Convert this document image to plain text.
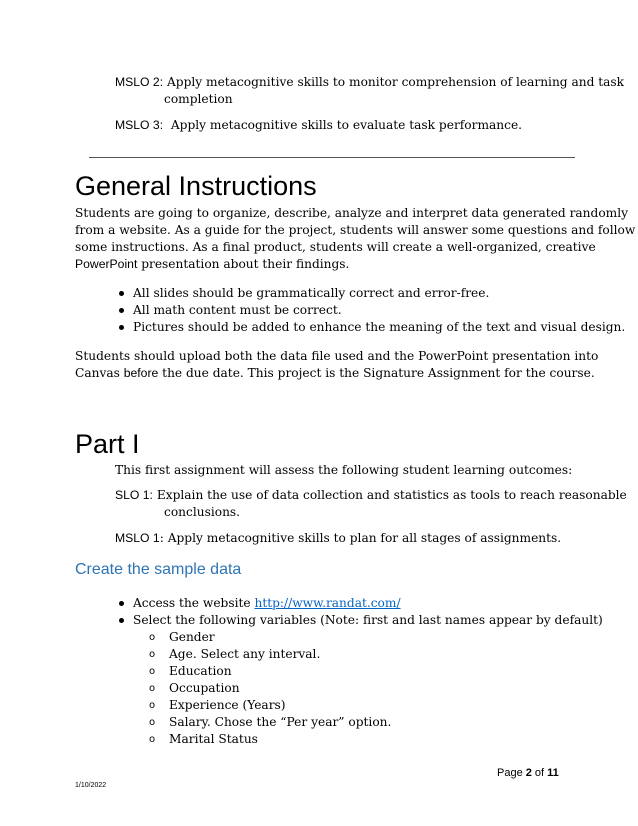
MSLO 2: Apply metacognitive skills to monitor comprehension of learning and task
completion
MSLO 3: Apply metacognitive skills to evaluate task performance.
General Instructions
Students are going to organize, describe, analyze and interpret data generated randomly
from a website. As a guide for the project, students will answer some questions and follow
some instructions. As a final product, students will create a well-organized, creative
PowerPoint presentation about their findings.
All slides should be grammatically correct and error-free.
All math content must be correct.
Pictures should be added to enhance the meaning of the text and visual design.
Students should upload both the data file used and the PowerPoint presentation into
Canvas before the due date. This project is the Signature Assignment for the course.
Part I
This first assignment will assess the following student learning outcomes:
SLO 1: Explain the use of data collection and statistics as tools to reach reasonable
conclusions.
MSLO 1: Apply metacognitive skills to plan for all stages of assignments.
Create the sample data
Access the website http://www.randat.com/
Select the following variables (Note: first and last names appear by default)
o Gender
o Age. Select any interval.
o Education
o Occupation
o Experience (Years)
o Salary. Chose the “Per year” option.
o Marital Status
Page 2 of 11
1/10/2022
